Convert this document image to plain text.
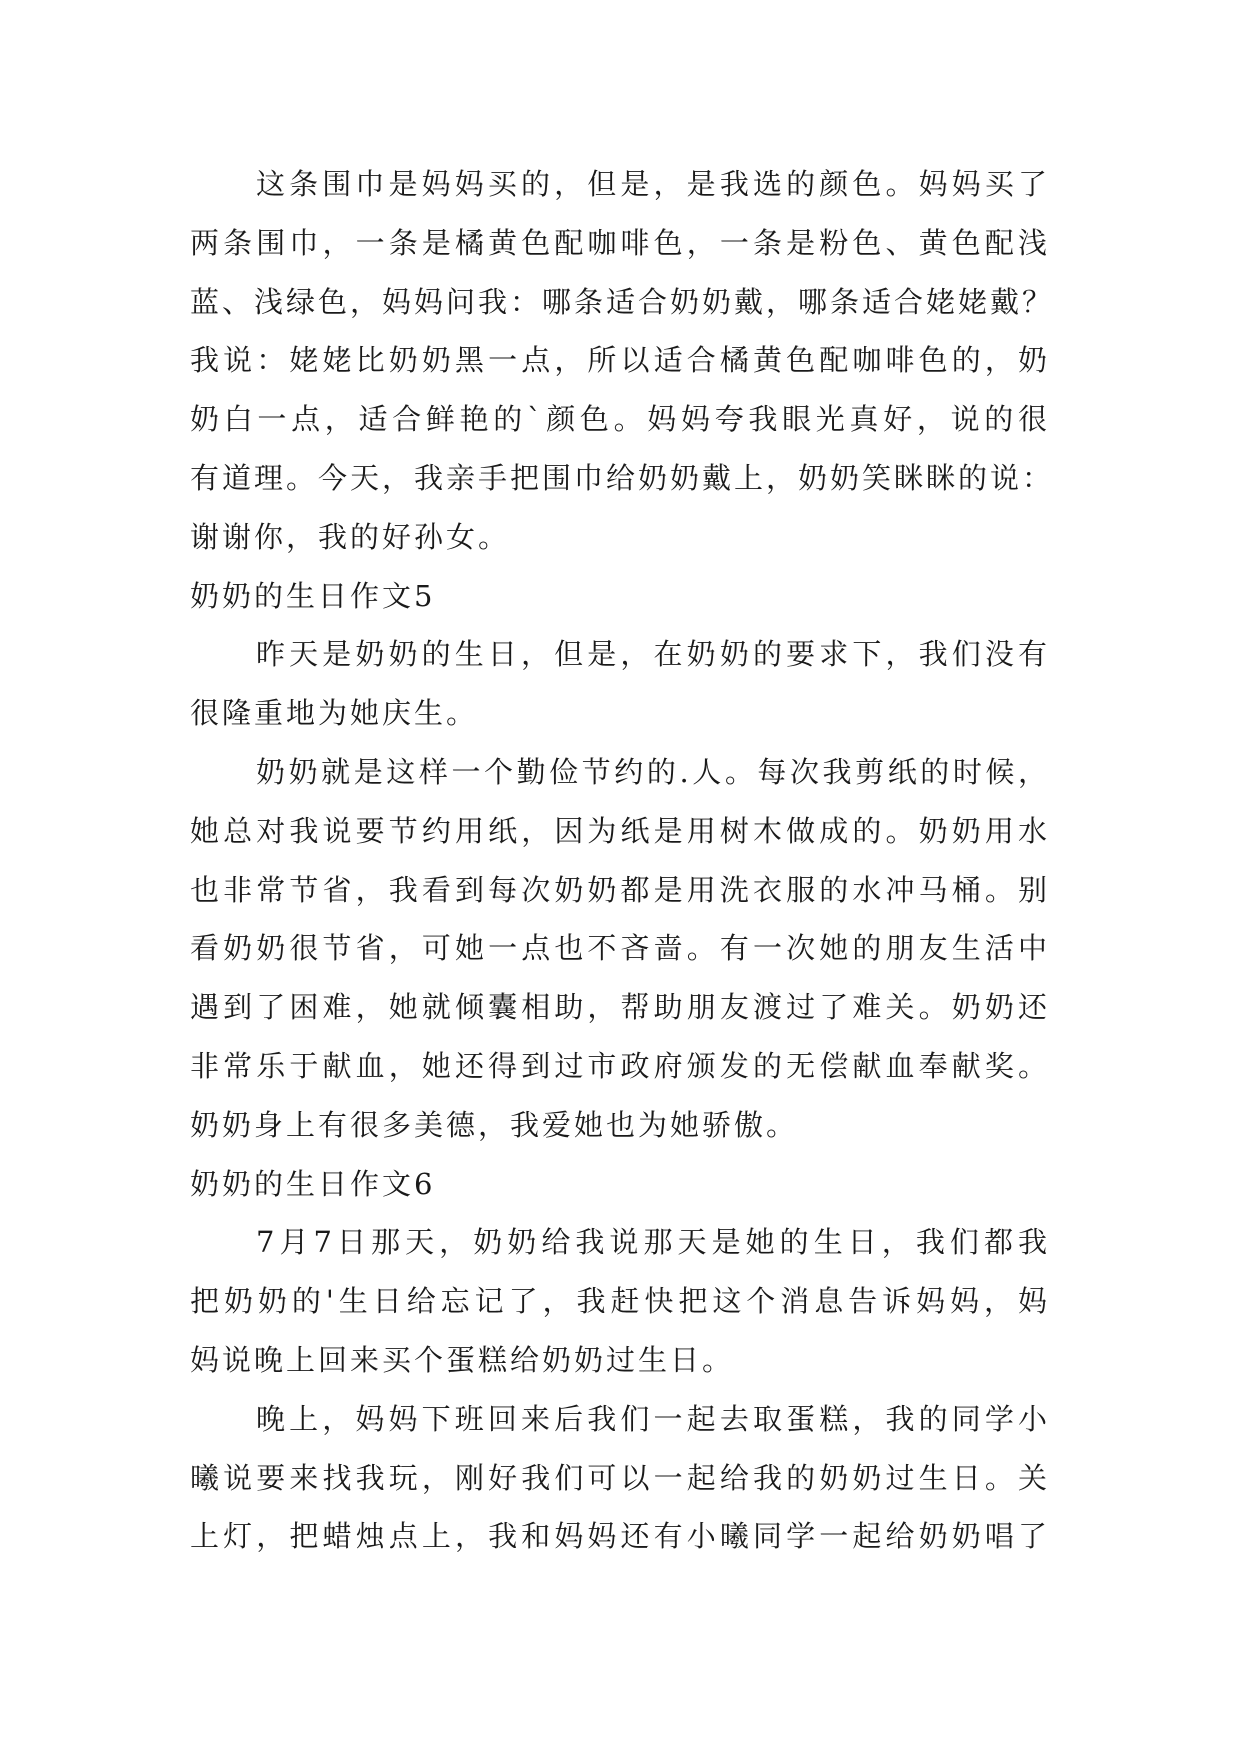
这条围巾是妈妈买的，但是，是我选的颜色。妈妈买了
两条围巾，一条是橘黄色配咖啡色，一条是粉色、黄色配浅
蓝、浅绿色，妈妈问我：哪条适合奶奶戴，哪条适合姥姥戴？
我说：姥姥比奶奶黑一点，所以适合橘黄色配咖啡色的，奶
奶白一点，适合鲜艳的`颜色。妈妈夸我眼光真好，说的很
有道理。今天，我亲手把围巾给奶奶戴上，奶奶笑眯眯的说：
谢谢你，我的好孙女。

奶奶的生日作文5

昨天是奶奶的生日，但是，在奶奶的要求下，我们没有
很隆重地为她庆生。

奶奶就是这样一个勤俭节约的.人。每次我剪纸的时候，
她总对我说要节约用纸，因为纸是用树木做成的。奶奶用水
也非常节省，我看到每次奶奶都是用洗衣服的水冲马桶。别
看奶奶很节省，可她一点也不吝啬。有一次她的朋友生活中
遇到了困难，她就倾囊相助，帮助朋友渡过了难关。奶奶还
非常乐于献血，她还得到过市政府颁发的无偿献血奉献奖。
奶奶身上有很多美德，我爱她也为她骄傲。

奶奶的生日作文6

7月7日那天，奶奶给我说那天是她的生日，我们都我
把奶奶的'生日给忘记了，我赶快把这个消息告诉妈妈，妈
妈说晚上回来买个蛋糕给奶奶过生日。

晚上，妈妈下班回来后我们一起去取蛋糕，我的同学小
曦说要来找我玩，刚好我们可以一起给我的奶奶过生日。关
上灯，把蜡烛点上，我和妈妈还有小曦同学一起给奶奶唱了
